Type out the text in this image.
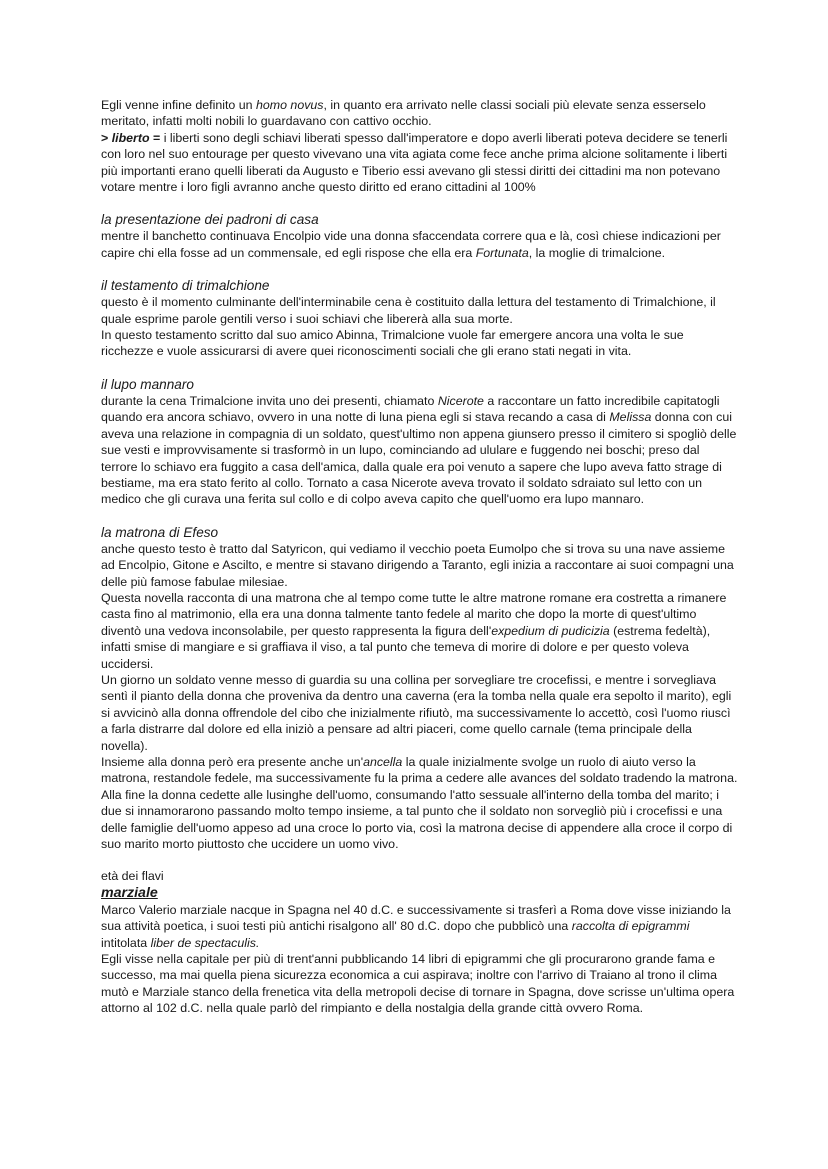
Egli venne infine definito un homo novus, in quanto era arrivato nelle classi sociali più elevate senza esserselo meritato, infatti molti nobili lo guardavano con cattivo occhio.

> liberto = i liberti sono degli schiavi liberati spesso dall'imperatore e dopo averli liberati poteva decidere se tenerli con loro nel suo entourage per questo vivevano una vita agiata come fece anche prima alcione solitamente i liberti più importanti erano quelli liberati da Augusto e Tiberio essi avevano gli stessi diritti dei cittadini ma non potevano votare mentre i loro figli avranno anche questo diritto ed erano cittadini al 100%

la presentazione dei padroni di casa

mentre il banchetto continuava Encolpio vide una donna sfaccendata correre qua e là, così chiese indicazioni per capire chi ella fosse ad un commensale, ed egli rispose che ella era Fortunata, la moglie di trimalcione.

il testamento di trimalchione

questo è il momento culminante dell'interminabile cena è costituito dalla lettura del testamento di Trimalchione, il quale esprime parole gentili verso i suoi schiavi che libererà alla sua morte.

In questo testamento scritto dal suo amico Abinna, Trimalcione vuole far emergere ancora una volta le sue ricchezze e vuole assicurarsi di avere quei riconoscimenti sociali che gli erano stati negati in vita.

il lupo mannaro

durante la cena Trimalcione invita uno dei presenti, chiamato Nicerote a raccontare un fatto incredibile capitatogli quando era ancora schiavo, ovvero in una notte di luna piena egli si stava recando a casa di Melissa donna con cui aveva una relazione in compagnia di un soldato, quest'ultimo non appena giunsero presso il cimitero si spogliò delle sue vesti e improvvisamente si trasformò in un lupo, cominciando ad ululare e fuggendo nei boschi; preso dal terrore lo schiavo era fuggito a casa dell'amica, dalla quale era poi venuto a sapere che lupo aveva fatto strage di bestiame, ma era stato ferito al collo. Tornato a casa Nicerote aveva trovato il soldato sdraiato sul letto con un medico che gli curava una ferita sul collo e di colpo aveva capito che quell'uomo era lupo mannaro.

la matrona di Efeso

anche questo testo è tratto dal Satyricon, qui vediamo il vecchio poeta Eumolpo che si trova su una nave assieme ad Encolpio, Gitone e Ascilto, e mentre si stavano dirigendo a Taranto, egli inizia a raccontare ai suoi compagni una delle più famose fabulae milesiae.

Questa novella racconta di una matrona che al tempo come tutte le altre matrone romane era costretta a rimanere casta fino al matrimonio, ella era una donna talmente tanto fedele al marito che dopo la morte di quest'ultimo diventò una vedova inconsolabile, per questo rappresenta la figura dell'expedium di pudicizia (estrema fedeltà), infatti smise di mangiare e si graffiava il viso, a tal punto che temeva di morire di dolore e per questo voleva uccidersi.

Un giorno un soldato venne messo di guardia su una collina per sorvegliare tre crocefissi, e mentre i sorvegliava sentì il pianto della donna che proveniva da dentro una caverna (era la tomba nella quale era sepolto il marito), egli si avvicinò alla donna offrendole del cibo che inizialmente rifiutò, ma successivamente lo accettò, così l'uomo riuscì a farla distrarre dal dolore ed ella iniziò a pensare ad altri piaceri, come quello carnale (tema principale della novella).

Insieme alla donna però era presente anche un'ancella la quale inizialmente svolge un ruolo di aiuto verso la matrona, restandole fedele, ma successivamente fu la prima a cedere alle avances del soldato tradendo la matrona.

Alla fine la donna cedette alle lusinghe dell'uomo, consumando l'atto sessuale all'interno della tomba del marito; i due si innamorarono passando molto tempo insieme, a tal punto che il soldato non sorvegliò più i crocefissi e una delle famiglie dell'uomo appeso ad una croce lo porto via, così la matrona decise di appendere alla croce il corpo di suo marito morto piuttosto che uccidere un uomo vivo.

età dei flavi

marziale

Marco Valerio marziale nacque in Spagna nel 40 d.C. e successivamente si trasferì a Roma dove visse iniziando la sua attività poetica, i suoi testi più antichi risalgono all' 80 d.C. dopo che pubblicò una raccolta di epigrammi intitolata liber de spectaculis.

Egli visse nella capitale per più di trent'anni pubblicando 14 libri di epigrammi che gli procurarono grande fama e successo, ma mai quella piena sicurezza economica a cui aspirava; inoltre con l'arrivo di Traiano al trono il clima mutò e Marziale stanco della frenetica vita della metropoli decise di tornare in Spagna, dove scrisse un'ultima opera attorno al 102 d.C. nella quale parlò del rimpianto e della nostalgia della grande città ovvero Roma.
